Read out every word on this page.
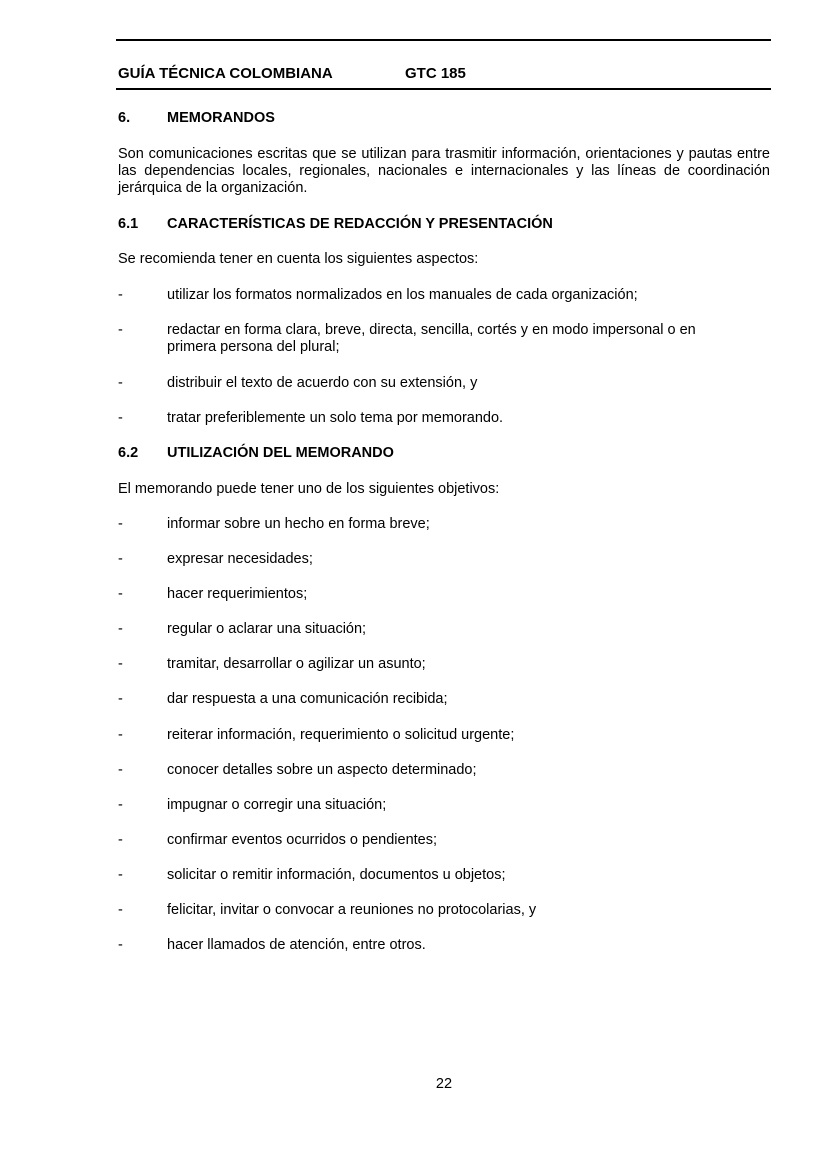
GUÍA TÉCNICA COLOMBIANA	GTC 185
6.	MEMORANDOS
Son comunicaciones escritas que se utilizan para trasmitir información, orientaciones y pautas entre las dependencias locales, regionales, nacionales e internacionales y las líneas de coordinación jerárquica de la organización.
6.1 CARACTERÍSTICAS DE REDACCIÓN Y PRESENTACIÓN
Se recomienda tener en cuenta los siguientes aspectos:
-	utilizar los formatos normalizados en los manuales de cada organización;
-	redactar en forma clara, breve, directa, sencilla, cortés y en modo impersonal o en primera persona del plural;
-	distribuir el texto de acuerdo con su extensión, y
-	tratar preferiblemente un solo tema por memorando.
6.2 UTILIZACIÓN DEL MEMORANDO
El memorando puede tener uno de los siguientes objetivos:
-	informar sobre un hecho en forma breve;
-	expresar necesidades;
-	hacer requerimientos;
-	regular o aclarar una situación;
-	tramitar, desarrollar o agilizar un asunto;
-	dar respuesta a una comunicación recibida;
-	reiterar información, requerimiento o solicitud urgente;
-	conocer detalles sobre un aspecto determinado;
-	impugnar o corregir una situación;
-	confirmar eventos ocurridos o pendientes;
-	solicitar o remitir información, documentos u objetos;
-	felicitar, invitar o convocar a reuniones no protocolarias, y
-	hacer llamados de atención, entre otros.
22
